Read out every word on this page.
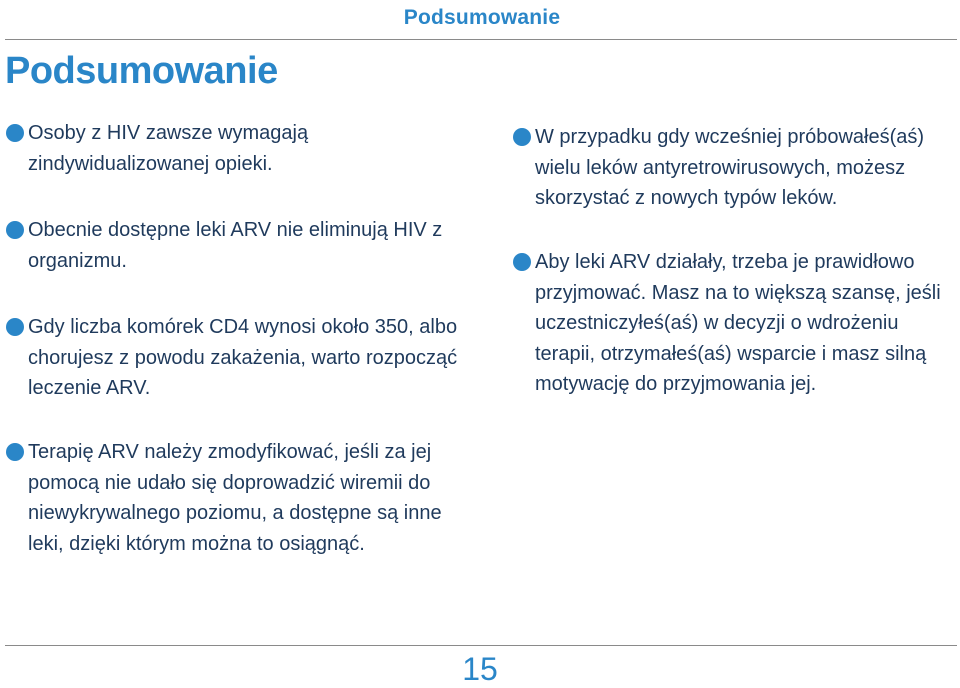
Podsumowanie
Podsumowanie
Osoby z HIV zawsze wymagają zindywidualizowanej opieki.
Obecnie dostępne leki ARV nie eliminują HIV z organizmu.
Gdy liczba komórek CD4 wynosi około 350, albo chorujesz z powodu zakażenia, warto rozpocząć leczenie ARV.
Terapię ARV należy zmodyfikować, jeśli za jej pomocą nie udało się doprowadzić wiremii do niewykrywalnego poziomu, a dostępne są inne leki, dzięki którym można to osiągnąć.
W przypadku gdy wcześniej próbowałeś(aś) wielu leków antyretrowirusowych, możesz skorzystać z nowych typów leków.
Aby leki ARV działały, trzeba je prawidłowo przyjmować. Masz na to większą szansę, jeśli uczestniczyłeś(aś) w decyzji o wdrożeniu terapii, otrzymałeś(aś) wsparcie i masz silną motywację do przyjmowania jej.
15
